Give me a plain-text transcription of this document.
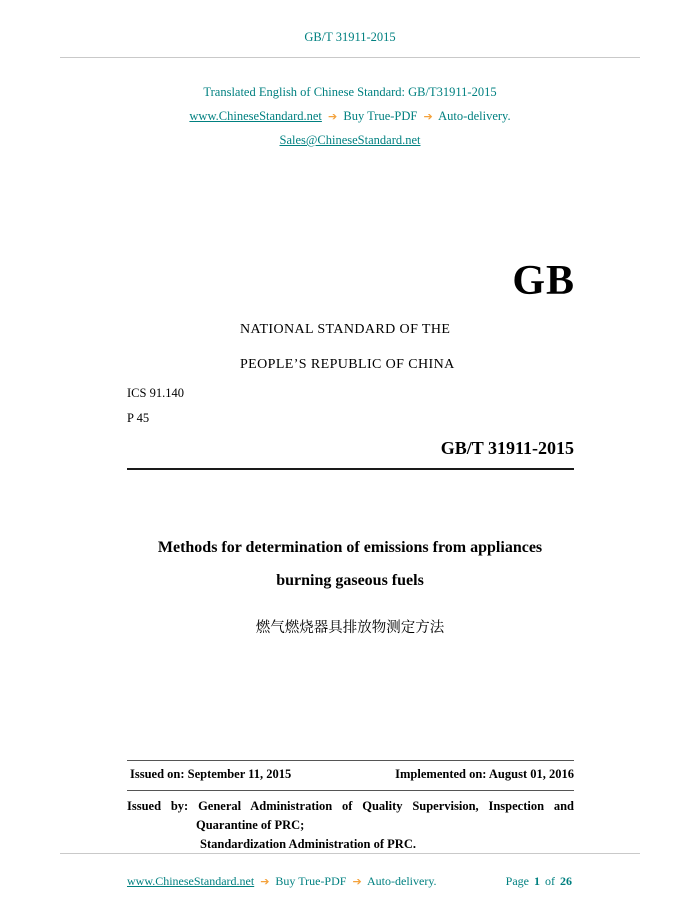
GB/T 31911-2015
Translated English of Chinese Standard: GB/T31911-2015
www.ChineseStandard.net ➔ Buy True-PDF ➔ Auto-delivery.
Sales@ChineseStandard.net
GB
NATIONAL STANDARD OF THE
PEOPLE’S REPUBLIC OF CHINA
ICS 91.140
P 45
GB/T 31911-2015
Methods for determination of emissions from appliances
burning gaseous fuels
燃气燃烧器具排放物测定方法
Issued on: September 11, 2015	Implemented on: August 01, 2016
Issued by: General Administration of Quality Supervision, Inspection and
Quarantine of PRC;
Standardization Administration of PRC.
www.ChineseStandard.net ➔ Buy True-PDF ➔ Auto-delivery.	Page 1 of 26
